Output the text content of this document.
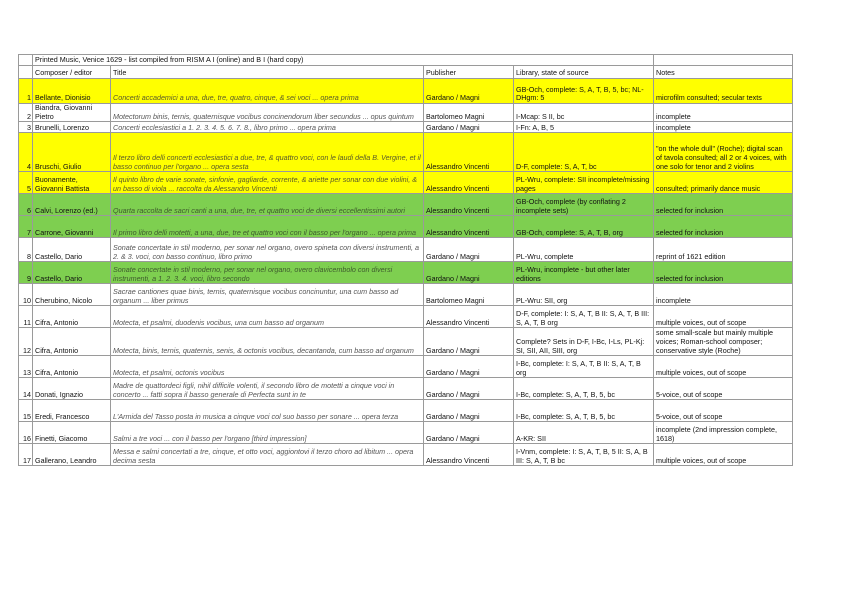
	Printed Music, Venice 1629 - list compiled from RISM A I (online) and B I (hard copy)				
	Composer / editor	Title	Publisher	Library, state of source	Notes
1	Bellante, Dionisio	Concerti accademici a una, due, tre, quatro, cinque, & sei voci ... opera prima	Gardano / Magni	GB-Och, complete: S, A, T, B, 5, bc; NL-DHgm: 5	microfilm consulted; secular texts
2	Biandra, Giovanni Pietro	Motectorum binis, ternis, quaternisque vocibus concinendorum liber secundus ... opus quintum	Bartolomeo Magni	I-Mcap: S II, bc	incomplete
3	Brunelli, Lorenzo	Concerti ecclesiastici a 1. 2. 3. 4. 5. 6. 7. 8., libro primo ... opera prima	Gardano / Magni	I-Fn: A, B, 5	incomplete
4	Bruschi, Giulio	Il terzo libro delli concerti ecclesiastici a due, tre, & quattro voci, con le laudi della B. Vergine, et il basso continuo per l'organo ... opera sesta	Alessandro Vincenti	D-F, complete: S, A, T, bc	"on the whole dull" (Roche); digital scan of tavola consulted; all 2 or 4 voices, with one solo for tenor and 2 violins
5	Buonamente, Giovanni Battista	Il quinto libro de varie sonate, sinfonie, gagliarde, corrente, & ariette per sonar con due violini, & un basso di viola ... raccolta da Alessandro Vincenti	Alessandro Vincenti	PL-Wru, complete: SII incomplete/missing pages	consulted; primarily dance music
6	Calvi, Lorenzo (ed.)	Quarta raccolta de sacri canti a una, due, tre, et quattro voci de diversi eccellentissimi autori	Alessandro Vincenti	GB-Och, complete (by conflating 2 incomplete sets)	selected for inclusion
7	Carrone, Giovanni	Il primo libro delli motetti, a una, due, tre et quattro voci con il basso per l'organo ... opera prima	Alessandro Vincenti	GB-Och, complete: S, A, T, B, org	selected for inclusion
8	Castello, Dario	Sonate concertate in stil moderno, per sonar nel organo, overo spineta con diversi instrumenti, a 2. & 3. voci, con basso continuo, libro primo	Gardano / Magni	PL-Wru, complete	reprint of 1621 edition
9	Castello, Dario	Sonate concertate in stil moderno, per sonar nel organo, overo clavicembolo con diversi instrumenti, a 1. 2. 3. 4. voci, libro secondo	Gardano / Magni	PL-Wru, incomplete - but other later editions	selected for inclusion
10	Cherubino, Nicolo	Sacrae cantiones quae binis, ternis, quaternisque vocibus concinuntur, una cum basso ad organum ... liber primus	Bartolomeo Magni	PL-Wru: SII, org	incomplete
11	Cifra, Antonio	Motecta, et psalmi, duodenis vocibus, una cum basso ad organum	Alessandro Vincenti	D-F, complete: I: S, A, T, B II: S, A, T, B III: S, A, T, B org	multiple voices, out of scope
12	Cifra, Antonio	Motecta, binis, ternis, quaternis, senis, & octonis vocibus, decantanda, cum basso ad organum	Gardano / Magni	Complete? Sets in D-F, I-Bc, I-Ls, PL-Kj: SI, SII, AII, SIII, org	some small-scale but mainly multiple voices; Roman-school composer; conservative style (Roche)
13	Cifra, Antonio	Motecta, et psalmi, octonis vocibus	Gardano / Magni	I-Bc, complete: I: S, A, T, B II: S, A, T, B org	multiple voices, out of scope
14	Donati, Ignazio	Madre de quattordeci figli, nihil difficile volenti, il secondo libro de motetti a cinque voci in concerto ... fatti sopra il basso generale di Perfecta sunt in te	Gardano / Magni	I-Bc, complete: S, A, T, B, 5, bc	5-voice, out of scope
15	Eredi, Francesco	L'Armida del Tasso posta in musica a cinque voci col suo basso per sonare ... opera terza	Gardano / Magni	I-Bc, complete: S, A, T, B, 5, bc	5-voice, out of scope
16	Finetti, Giacomo	Salmi a tre voci ... con il basso per l'organo [third impression]	Gardano / Magni	A-KR: SII	incomplete (2nd impression complete, 1618)
17	Gallerano, Leandro	Messa e salmi concertati a tre, cinque, et otto voci, aggiontovi il terzo choro ad libitum ... opera decima sesta	Alessandro Vincenti	I-Vnm, complete: I: S, A, T, B, 5 II: S, A, B III: S, A, T, B bc	multiple voices, out of scope
